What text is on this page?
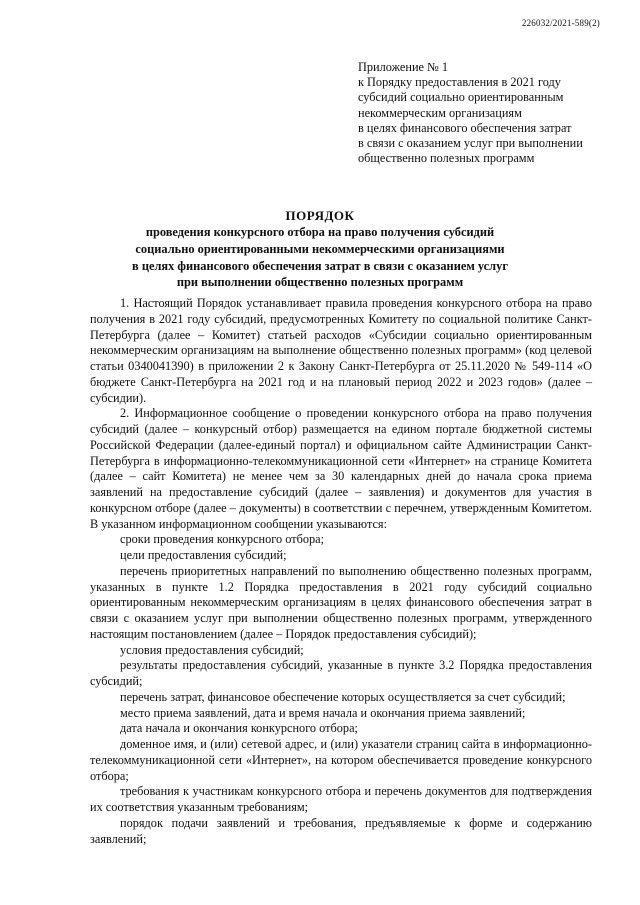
226032/2021-589(2)
Приложение № 1
к Порядку предоставления в 2021 году
субсидий социально ориентированным
некоммерческим организациям
в целях финансового обеспечения затрат
в связи с оказанием услуг при выполнении
общественно полезных программ
ПОРЯДОК
проведения конкурсного отбора на право получения субсидий
социально ориентированными некоммерческими организациями
в целях финансового обеспечения затрат в связи с оказанием услуг
при выполнении общественно полезных программ

1. Настоящий Порядок устанавливает правила проведения конкурсного отбора на право получения в 2021 году субсидий, предусмотренных Комитету по социальной политике Санкт-Петербурга (далее – Комитет) статьей расходов «Субсидии социально ориентированным некоммерческим организациям на выполнение общественно полезных программ» (код целевой статьи 0340041390) в приложении 2 к Закону Санкт-Петербурга от 25.11.2020 № 549-114 «О бюджете Санкт-Петербурга на 2021 год и на плановый период 2022 и 2023 годов» (далее – субсидии).

2. Информационное сообщение о проведении конкурсного отбора на право получения субсидий (далее – конкурсный отбор) размещается на едином портале бюджетной системы Российской Федерации (далее-единый портал) и официальном сайте Администрации Санкт-Петербурга в информационно-телекоммуникационной сети «Интернет» на странице Комитета (далее – сайт Комитета) не менее чем за 30 календарных дней до начала срока приема заявлений на предоставление субсидий (далее – заявления) и документов для участия в конкурсном отборе (далее – документы) в соответствии с перечнем, утвержденным Комитетом. В указанном информационном сообщении указываются:

сроки проведения конкурсного отбора;

цели предоставления субсидий;

перечень приоритетных направлений по выполнению общественно полезных программ, указанных в пункте 1.2 Порядка предоставления в 2021 году субсидий социально ориентированным некоммерческим организациям в целях финансового обеспечения затрат в связи с оказанием услуг при выполнении общественно полезных программ, утвержденного настоящим постановлением (далее – Порядок предоставления субсидий);

условия предоставления субсидий;

результаты предоставления субсидий, указанные в пункте 3.2 Порядка предоставления субсидий;

перечень затрат, финансовое обеспечение которых осуществляется за счет субсидий;

место приема заявлений, дата и время начала и окончания приема заявлений;

дата начала и окончания конкурсного отбора;

доменное имя, и (или) сетевой адрес, и (или) указатели страниц сайта в информационно-телекоммуникационной сети «Интернет», на котором обеспечивается проведение конкурсного отбора;

требования к участникам конкурсного отбора и перечень документов для подтверждения их соответствия указанным требованиям;

порядок подачи заявлений и требования, предъявляемые к форме и содержанию заявлений;
